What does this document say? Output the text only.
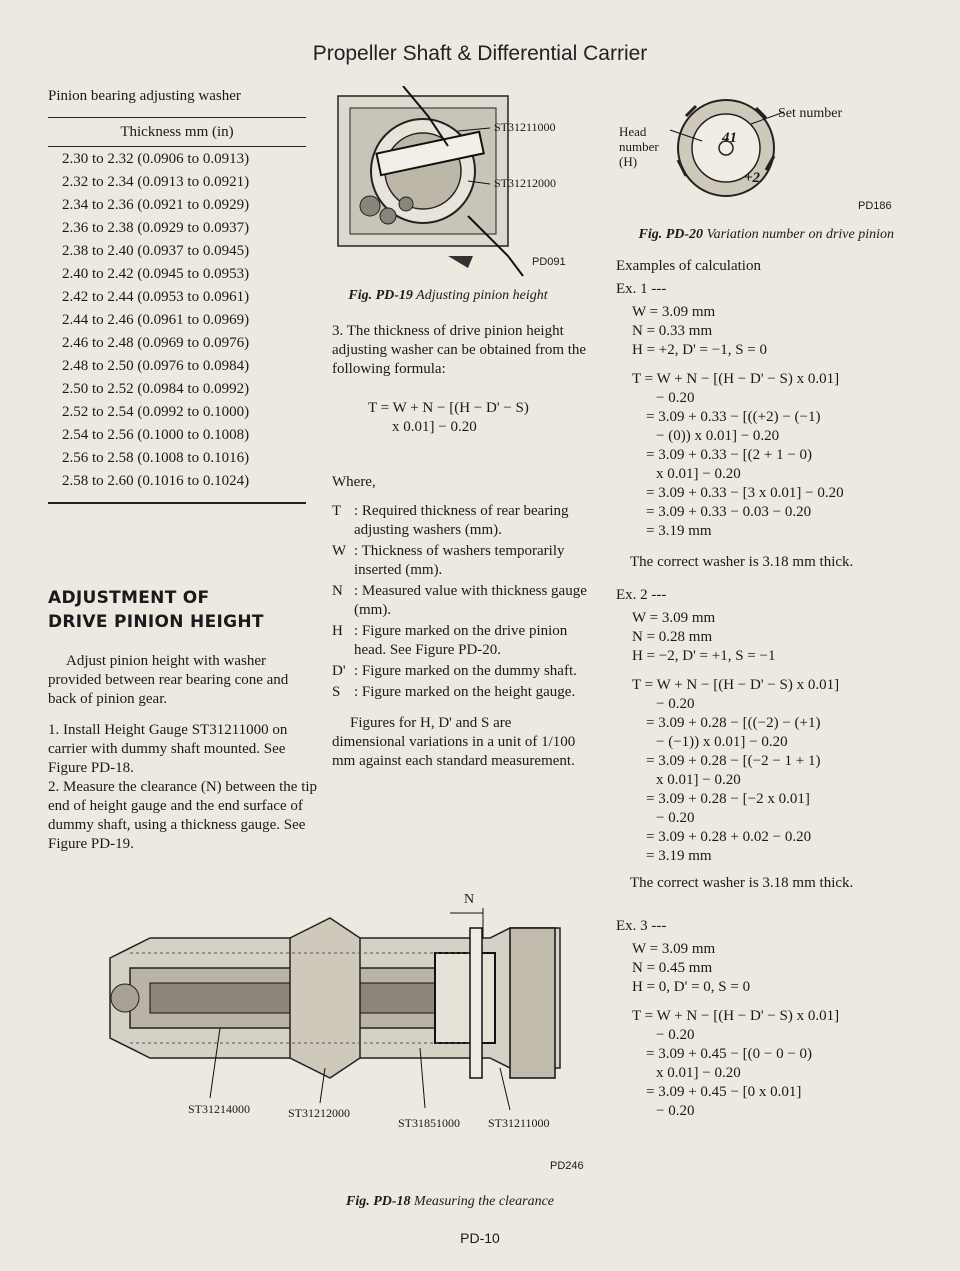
Propeller Shaft & Differential Carrier
Pinion bearing adjusting washer
Thickness mm (in)
2.30 to 2.32 (0.0906 to 0.0913)
2.32 to 2.34 (0.0913 to 0.0921)
2.34 to 2.36 (0.0921 to 0.0929)
2.36 to 2.38 (0.0929 to 0.0937)
2.38 to 2.40 (0.0937 to 0.0945)
2.40 to 2.42 (0.0945 to 0.0953)
2.42 to 2.44 (0.0953 to 0.0961)
2.44 to 2.46 (0.0961 to 0.0969)
2.46 to 2.48 (0.0969 to 0.0976)
2.48 to 2.50 (0.0976 to 0.0984)
2.50 to 2.52 (0.0984 to 0.0992)
2.52 to 2.54 (0.0992 to 0.1000)
2.54 to 2.56 (0.1000 to 0.1008)
2.56 to 2.58 (0.1008 to 0.1016)
2.58 to 2.60 (0.1016 to 0.1024)
ADJUSTMENT OF
DRIVE PINION HEIGHT

Adjust pinion height with washer provided between rear bearing cone and back of pinion gear.

1. Install Height Gauge ST31211000 on carrier with dummy shaft mounted. See Figure PD-18.

2. Measure the clearance (N) between the tip end of height gauge and the end surface of dummy shaft, using a thickness gauge. See Figure PD-19.

ST31211000
ST31212000
PD091
Fig. PD-19 Adjusting pinion height

3. The thickness of drive pinion height adjusting washer can be obtained from the following formula:

T = W + N − [(H − D' − S)
x 0.01] − 0.20
Where,
T : Required thickness of rear bearing adjusting washers (mm).
W : Thickness of washers temporarily inserted (mm).
N : Measured value with thickness gauge (mm).
H : Figure marked on the drive pinion head. See Figure PD-20.
D' : Figure marked on the dummy shaft.
S : Figure marked on the height gauge.

Figures for H, D' and S are dimensional variations in a unit of 1/100 mm against each standard measurement.

N
ST31214000	ST31212000
ST31851000 ST31211000
PD246
Fig. PD-18 Measuring the clearance
Set number
Head number (H)
41
+2
PD186
Fig. PD-20 Variation number on drive pinion
Examples of calculation
Ex. 1 ---
W = 3.09 mm
N = 0.33 mm
H = +2, D' = −1, S = 0
T = W + N − [(H − D' − S) x 0.01]
− 0.20
= 3.09 + 0.33 − [((+2) − (−1)
− (0)) x 0.01] − 0.20
= 3.09 + 0.33 − [(2 + 1 − 0)
x 0.01] − 0.20
= 3.09 + 0.33 − [3 x 0.01] − 0.20
= 3.09 + 0.33 − 0.03 − 0.20
= 3.19 mm
The correct washer is 3.18 mm thick.
Ex. 2 ---
W = 3.09 mm
N = 0.28 mm
H = −2, D' = +1, S = −1
T = W + N − [(H − D' − S) x 0.01]
− 0.20
= 3.09 + 0.28 − [((−2) − (+1)
− (−1)) x 0.01] − 0.20
= 3.09 + 0.28 − [(−2 − 1 + 1)
x 0.01] − 0.20
= 3.09 + 0.28 − [−2 x 0.01]
− 0.20
= 3.09 + 0.28 + 0.02 − 0.20
= 3.19 mm
The correct washer is 3.18 mm thick.
Ex. 3 ---
W = 3.09 mm
N = 0.45 mm
H = 0, D' = 0, S = 0
T = W + N − [(H − D' − S) x 0.01]
− 0.20
= 3.09 + 0.45 − [(0 − 0 − 0)
x 0.01] − 0.20
= 3.09 + 0.45 − [0 x 0.01]
− 0.20
PD-10
